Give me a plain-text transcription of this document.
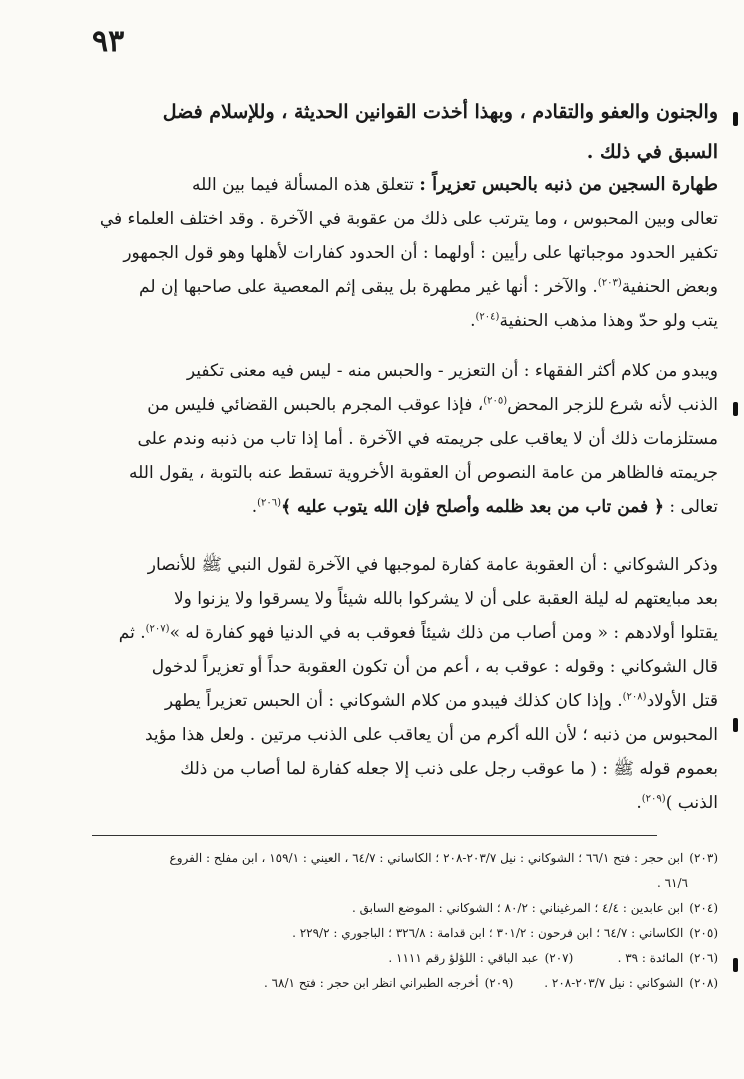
٩٣
والجنون والعفو والتقادم ، وبهذا أخذت القوانين الحديثة ، وللإسلام فضل
السبق في ذلك .
طهارة السجين من ذنبه بالحبس تعزيراً : تتعلق هذه المسألة فيما بين الله
تعالى وبين المحبوس ، وما يترتب على ذلك من عقوبة في الآخرة . وقد اختلف العلماء في
تكفير الحدود موجباتها على رأيين : أولهما : أن الحدود كفارات لأهلها وهو قول الجمهور
وبعض الحنفية$^{(٢٠٣)}$. والآخر : أنها غير مطهرة بل يبقى إثم المعصية على صاحبها إن لم
يتب ولو حدّ وهذا مذهب الحنفية$^{(٢٠٤)}$.
ويبدو من كلام أكثر الفقهاء : أن التعزير - والحبس منه - ليس فيه معنى تكفير
الذنب لأنه شرع للزجر المحض$^{(٢٠٥)}$، فإذا عوقب المجرم بالحبس القضائي فليس من
مستلزمات ذلك أن لا يعاقب على جريمته في الآخرة . أما إذا تاب من ذنبه وندم على
جريمته فالظاهر من عامة النصوص أن العقوبة الأخروية تسقط عنه بالتوبة ، يقول الله
تعالى : ﴿ فمن تاب من بعد ظلمه وأصلح فإن الله يتوب عليه ﴾$^{(٢٠٦)}$.
وذكر الشوكاني : أن العقوبة عامة كفارة لموجبها في الآخرة لقول النبي ﷺ للأنصار
بعد مبايعتهم له ليلة العقبة على أن لا يشركوا بالله شيئاً ولا يسرقوا ولا يزنوا ولا
يقتلوا أولادهم : « ومن أصاب من ذلك شيئاً فعوقب به في الدنيا فهو كفارة له »$^{(٢٠٧)}$. ثم
قال الشوكاني : وقوله : عوقب به ، أعم من أن تكون العقوبة حداً أو تعزيراً لدخول
قتل الأولاد$^{(٢٠٨)}$. وإذا كان كذلك فيبدو من كلام الشوكاني : أن الحبس تعزيراً يطهر
المحبوس من ذنبه ؛ لأن الله أكرم من أن يعاقب على الذنب مرتين . ولعل هذا مؤيد
بعموم قوله ﷺ : ( ما عوقب رجل على ذنب إلا جعله كفارة لما أصاب من ذلك
الذنب )$^{(٢٠٩)}$.
(٢٠٣)ابن حجر : فتح ٦٦/١ ؛ الشوكاني : نيل ٢٠٣/٧-٢٠٨ ؛ الكاساني : ٦٤/٧ ، العيني : ١٥٩/١ ، ابن مفلح : الفروع
٦١/٦ .
(٢٠٤)ابن عابدين : ٤/٤ ؛ المرغيناني : ٨٠/٢ ؛ الشوكاني : الموضع السابق .
(٢٠٥)الكاساني : ٦٤/٧ ؛ ابن فرحون : ٣٠١/٢ ؛ ابن قدامة : ٣٢٦/٨ ؛ الباجوري : ٢٢٩/٢ .
(٢٠٦)المائدة : ٣٩ .(٢٠٧)عبد الباقي : اللؤلؤ رقم ١١١١ .
(٢٠٨)الشوكاني : نيل ٢٠٣/٧-٢٠٨ .(٢٠٩)أخرجه الطبراني انظر ابن حجر : فتح ٦٨/١ .
